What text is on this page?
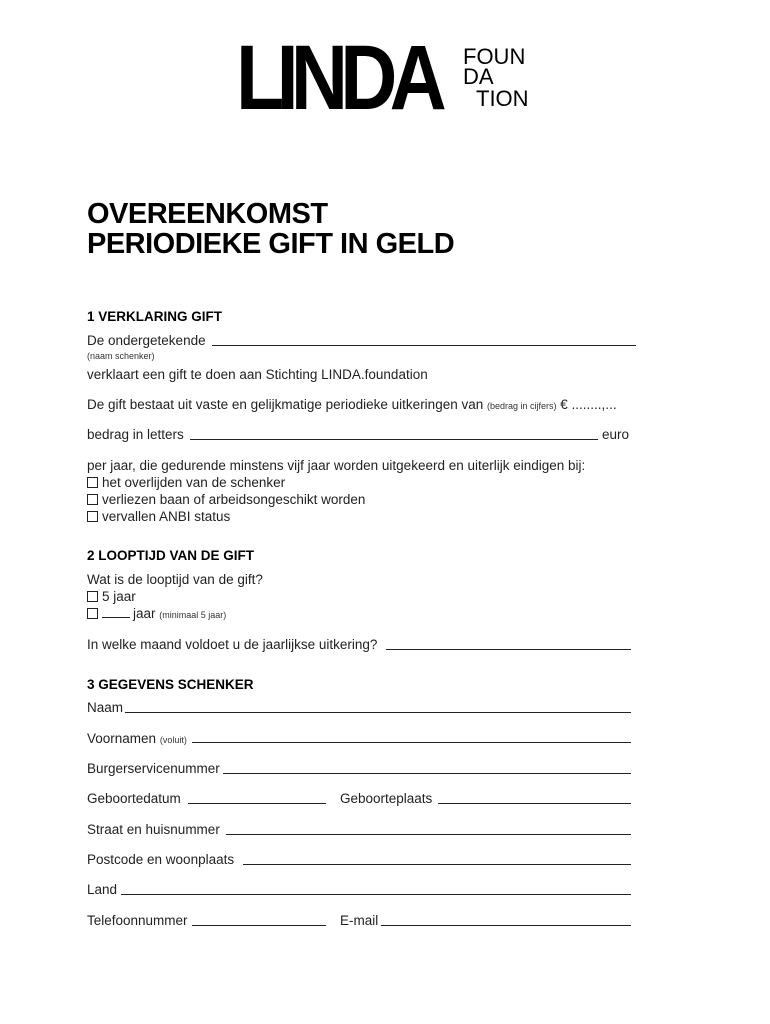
LINDA FOUN
DA
TION
OVEREENKOMST
PERIODIEKE GIFT IN GELD
1 VERKLARING GIFT
De ondergetekende
(naam schenker)
verklaart een gift te doen aan Stichting LINDA.foundation
De gift bestaat uit vaste en gelijkmatige periodieke uitkeringen van (bedrag in cijfers) € ........,...
bedrag in letters	euro
per jaar, die gedurende minstens vijf jaar worden uitgekeerd en uiterlijk eindigen bij:
het overlijden van de schenker
verliezen baan of arbeidsongeschikt worden
vervallen ANBI status
2 LOOPTIJD VAN DE GIFT
Wat is de looptijd van de gift?
5 jaar
jaar (minimaal 5 jaar)
In welke maand voldoet u de jaarlijkse uitkering?
3 GEGEVENS SCHENKER
Naam
Voornamen (voluit)
Burgerservicenummer
Geboortedatum	Geboorteplaats
Straat en huisnummer
Postcode en woonplaats
Land
Telefoonnummer	E-mail
